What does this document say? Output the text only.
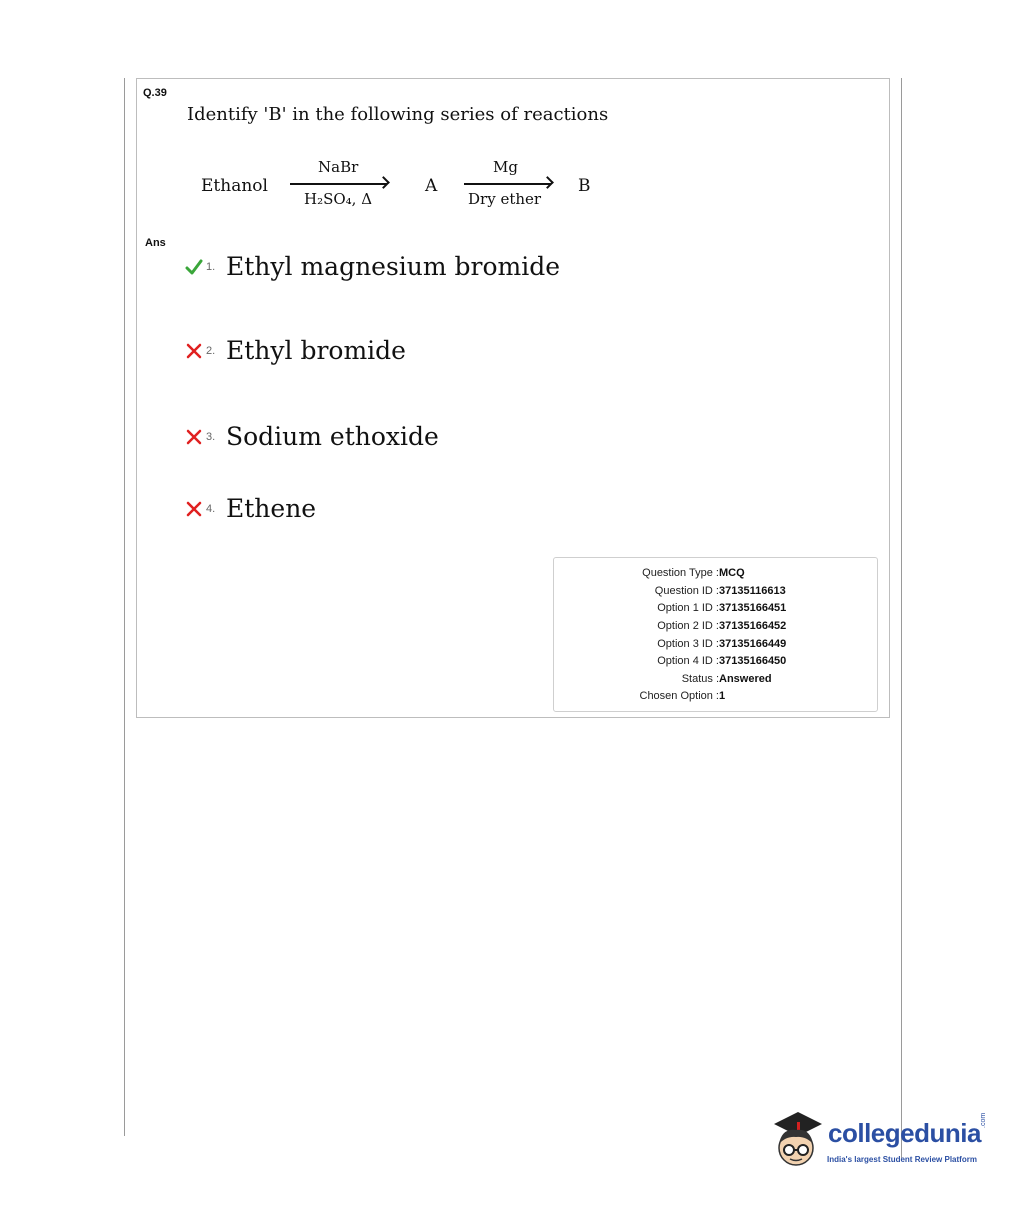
Q.39
Identify 'B' in the following series of reactions
Ethanol
NaBr
H₂SO₄, Δ
A
Mg
Dry ether
B
Ans
1. Ethyl magnesium bromide
2. Ethyl bromide
3. Sodium ethoxide
4. Ethene
Question Type : MCQ
Question ID : 37135116613
Option 1 ID : 37135166451
Option 2 ID : 37135166452
Option 3 ID : 37135166449
Option 4 ID : 37135166450
Status : Answered
Chosen Option : 1
collegedunia .com
India's largest Student Review Platform
